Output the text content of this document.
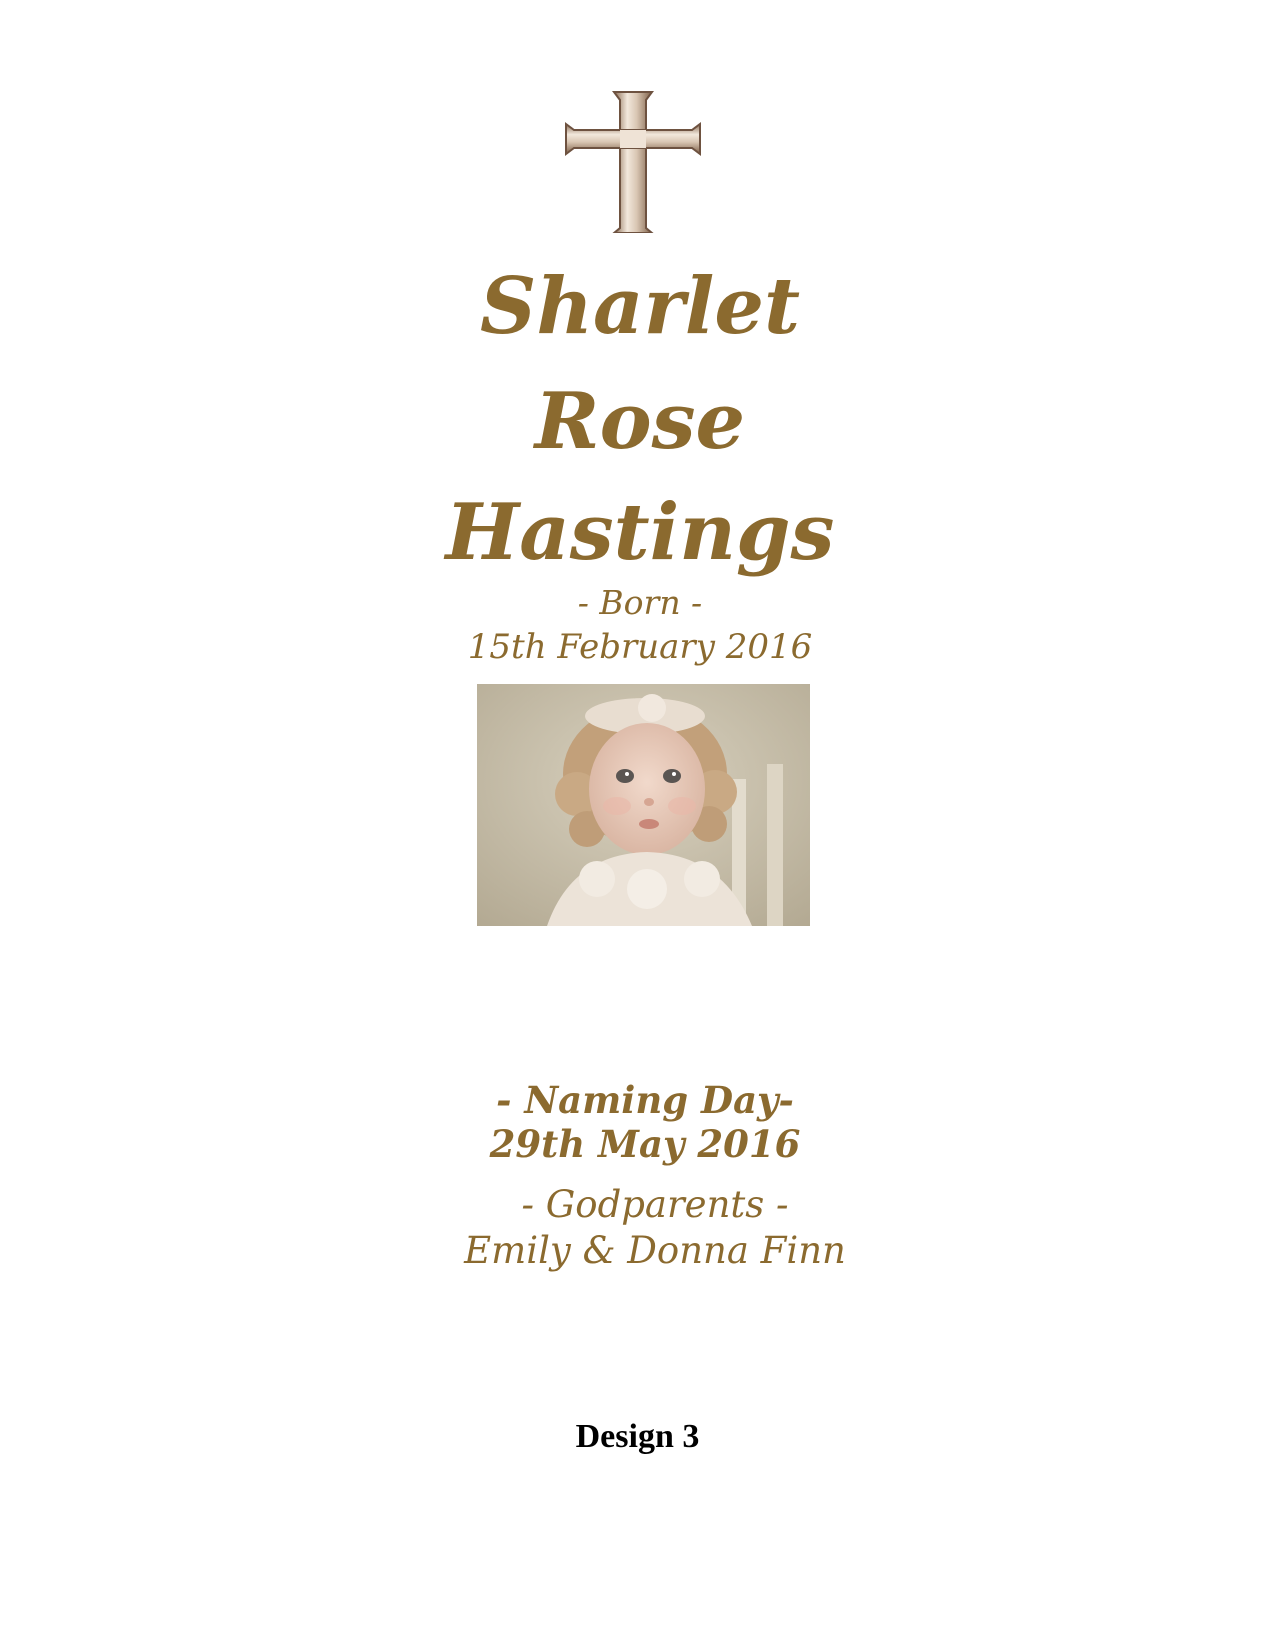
Sharlet
Rose
Hastings
- Born -
15th February 2016
- Naming Day-
29th May 2016
- Godparents -
Emily & Donna Finn
Design 3
